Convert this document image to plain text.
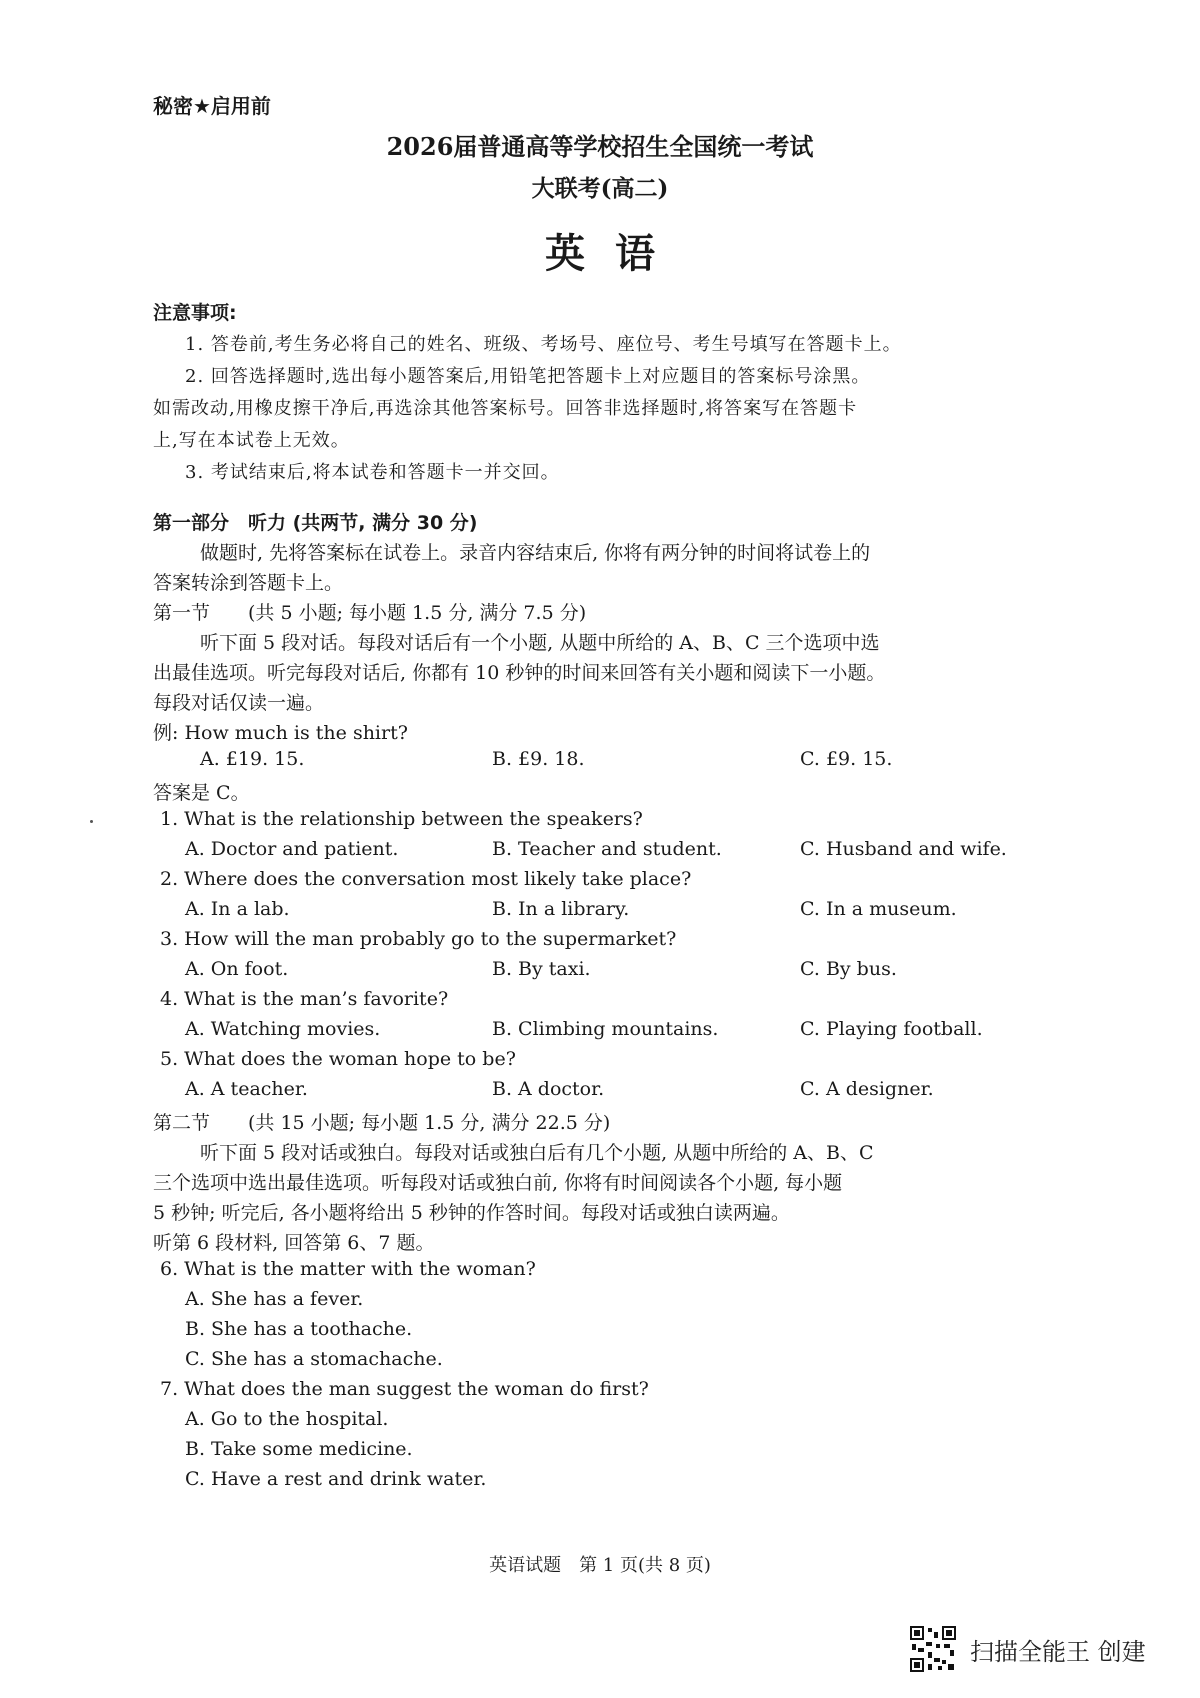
秘密★启用前
2026届普通高等学校招生全国统一考试
大联考(高二)
英语
注意事项:
1. 答卷前,考生务必将自己的姓名、班级、考场号、座位号、考生号填写在答题卡上。
2. 回答选择题时,选出每小题答案后,用铅笔把答题卡上对应题目的答案标号涂黑。
如需改动,用橡皮擦干净后,再选涂其他答案标号。回答非选择题时,将答案写在答题卡
上,写在本试卷上无效。
3. 考试结束后,将本试卷和答题卡一并交回。
第一部分　听力 (共两节, 满分 30 分)
做题时, 先将答案标在试卷上。录音内容结束后, 你将有两分钟的时间将试卷上的
答案转涂到答题卡上。
第一节　　(共 5 小题; 每小题 1.5 分, 满分 7.5 分)
听下面 5 段对话。每段对话后有一个小题, 从题中所给的 A、B、C 三个选项中选
出最佳选项。听完每段对话后, 你都有 10 秒钟的时间来回答有关小题和阅读下一小题。
每段对话仅读一遍。
例: How much is the shirt?
A. £19. 15.	B. £9. 18.	C. £9. 15.
答案是 C。
1. What is the relationship between the speakers?
A. Doctor and patient.	B. Teacher and student.	C. Husband and wife.
2. Where does the conversation most likely take place?
A. In a lab.	B. In a library.	C. In a museum.
3. How will the man probably go to the supermarket?
A. On foot.	B. By taxi.	C. By bus.
4. What is the man’s favorite?
A. Watching movies.	B. Climbing mountains.	C. Playing football.
5. What does the woman hope to be?
A. A teacher.	B. A doctor.	C. A designer.
第二节　　(共 15 小题; 每小题 1.5 分, 满分 22.5 分)
听下面 5 段对话或独白。每段对话或独白后有几个小题, 从题中所给的 A、B、C
三个选项中选出最佳选项。听每段对话或独白前, 你将有时间阅读各个小题, 每小题
5 秒钟; 听完后, 各小题将给出 5 秒钟的作答时间。每段对话或独白读两遍。
听第 6 段材料, 回答第 6、7 题。
6. What is the matter with the woman?
A. She has a fever.
B. She has a toothache.
C. She has a stomachache.
7. What does the man suggest the woman do first?
A. Go to the hospital.
B. Take some medicine.
C. Have a rest and drink water.
英语试题　第 1 页(共 8 页)
扫描全能王 创建
